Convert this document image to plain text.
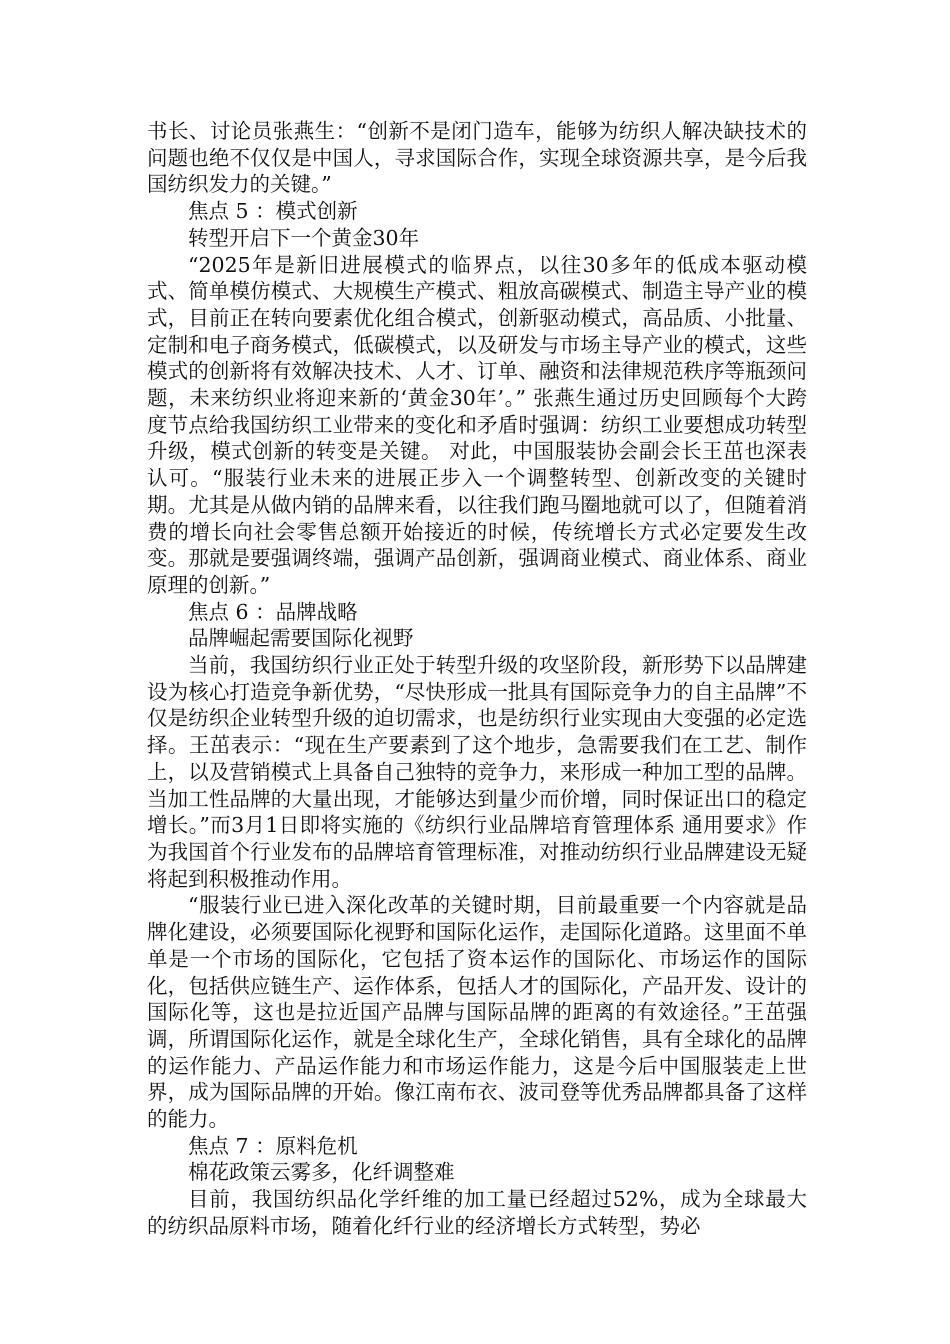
书长、讨论员张燕生：“创新不是闭门造车，能够为纺织人解决缺技术的问题也绝不仅仅是中国人，寻求国际合作，实现全球资源共享，是今后我国纺织发力的关键。”

焦点 5 ：模式创新

转型开启下一个黄金30年

“2025年是新旧进展模式的临界点，以往30多年的低成本驱动模式、简单模仿模式、大规模生产模式、粗放高碳模式、制造主导产业的模式，目前正在转向要素优化组合模式，创新驱动模式，高品质、小批量、定制和电子商务模式，低碳模式，以及研发与市场主导产业的模式，这些模式的创新将有效解决技术、人才、订单、融资和法律规范秩序等瓶颈问题，未来纺织业将迎来新的‘黄金30年’。” 张燕生通过历史回顾每个大跨度节点给我国纺织工业带来的变化和矛盾时强调：纺织工业要想成功转型升级，模式创新的转变是关键。 对此，中国服装协会副会长王茁也深表认可。“服装行业未来的进展正步入一个调整转型、创新改变的关键时期。尤其是从做内销的品牌来看，以往我们跑马圈地就可以了，但随着消费的增长向社会零售总额开始接近的时候，传统增长方式必定要发生改变。那就是要强调终端，强调产品创新，强调商业模式、商业体系、商业原理的创新。”

焦点 6 ：品牌战略

品牌崛起需要国际化视野

当前，我国纺织行业正处于转型升级的攻坚阶段，新形势下以品牌建设为核心打造竞争新优势，“尽快形成一批具有国际竞争力的自主品牌”不仅是纺织企业转型升级的迫切需求，也是纺织行业实现由大变强的必定选择。王茁表示：“现在生产要素到了这个地步，急需要我们在工艺、制作上，以及营销模式上具备自己独特的竞争力，来形成一种加工型的品牌。当加工性品牌的大量出现，才能够达到量少而价增，同时保证出口的稳定增长。”而3月1日即将实施的《纺织行业品牌培育管理体系 通用要求》作为我国首个行业发布的品牌培育管理标准，对推动纺织行业品牌建设无疑将起到积极推动作用。

“服装行业已进入深化改革的关键时期，目前最重要一个内容就是品牌化建设，必须要国际化视野和国际化运作，走国际化道路。这里面不单单是一个市场的国际化，它包括了资本运作的国际化、市场运作的国际化，包括供应链生产、运作体系，包括人才的国际化，产品开发、设计的国际化等，这也是拉近国产品牌与国际品牌的距离的有效途径。”王茁强调，所谓国际化运作，就是全球化生产，全球化销售，具有全球化的品牌的运作能力、产品运作能力和市场运作能力，这是今后中国服装走上世界，成为国际品牌的开始。像江南布衣、波司登等优秀品牌都具备了这样的能力。

焦点 7 ：原料危机

棉花政策云雾多，化纤调整难

目前，我国纺织品化学纤维的加工量已经超过52%，成为全球最大的纺织品原料市场，随着化纤行业的经济增长方式转型，势必
